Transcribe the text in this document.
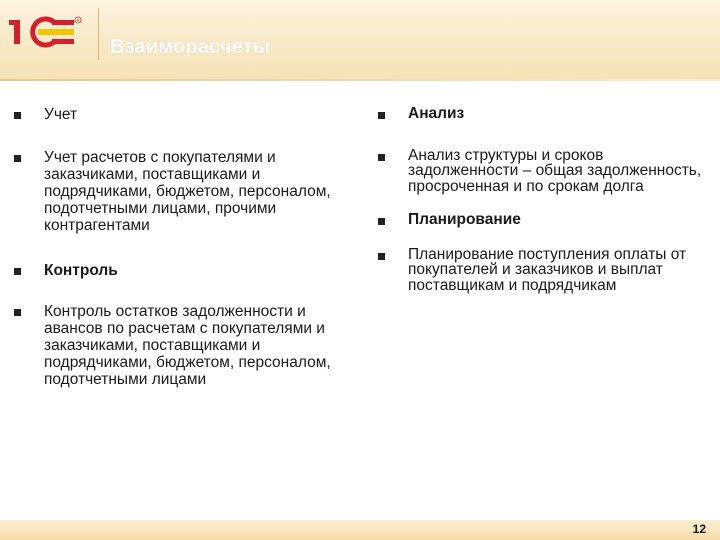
R
Взаиморасчеты
Учет
Учет расчетов с покупателями и заказчиками, поставщиками и подрядчиками, бюджетом, персоналом, подотчетными лицами, прочими контрагентами
Контроль
Контроль остатков задолженности и авансов по расчетам с покупателями и заказчиками, поставщиками и подрядчиками, бюджетом, персоналом, подотчетными лицами
Анализ
Анализ структуры и сроков задолженности – общая задолженность, просроченная и по срокам долга
Планирование
Планирование поступления оплаты от покупателей и заказчиков и выплат поставщикам и подрядчикам
12
